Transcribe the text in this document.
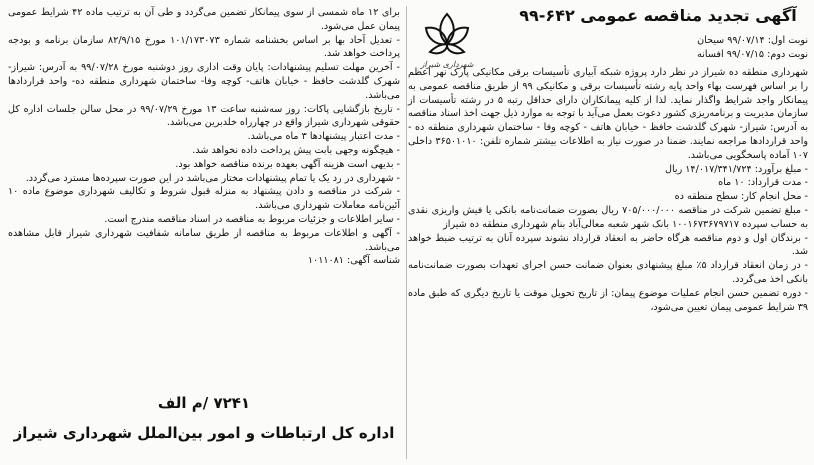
آگهی تجدید مناقصه عمومی ۶۴۲-۹۹

نوبت اول: ۹۹/۰۷/۱۴ سیحان

نوبت دوم: ۹۹/۰۷/۱۵ افسانه

شهرداری شیراز

شهرداری منطقه ده شیراز در نظر دارد پروژه شبکه آبیاری تأسیسات برقی مکانیکی پارک نهر اعظم را بر اساس فهرست بهاء واحد پایه رشته تأسیسات برقی و مکانیکی ۹۹ از طریق مناقصه عمومی به پیمانکار واجد شرایط واگذار نماید. لذا از کلیه پیمانکاران دارای حداقل رتبه ۵ در رشته تأسیسات از سازمان مدیریت و برنامه‌ریزی کشور دعوت بعمل می‌آید با توجه به موارد ذیل جهت اخذ اسناد مناقصه به آدرس: شیراز- شهرک گلدشت حافظ - خیابان هاتف - کوچه وفا - ساختمان شهرداری منطقه ده - واحد قراردادها مراجعه نمایند. ضمنا در صورت نیاز به اطلاعات بیشتر شماره تلفن: ۳۶۵۰۱۰۱۰ داخلی ۱۰۷ آماده پاسخگویی می‌باشد.

- مبلغ برآورد: ۱۴/۰۱۷/۳۴۱/۷۲۴ ریال

- مدت قرارداد: ۱۰ ماه

- محل انجام کار: سطح منطقه ده

- مبلغ تضمین شرکت در مناقصه ۷۰۵/۰۰۰/۰۰۰ ریال بصورت ضمانت‌نامه بانکی یا فیش واریزی نقدی به حساب سپرده ۱۰۰۱۶۷۳۶۷۹۷۱۷ بانک شهر شعبه معالی‌آباد بنام شهرداری منطقه ده شیراز

- برندگان اول و دوم مناقصه هرگاه حاضر به انعقاد قرارداد نشوند سپرده آنان به ترتیب ضبط خواهد شد.

- در زمان انعقاد قرارداد ۵٪ مبلغ پیشنهادی بعنوان ضمانت حسن اجرای تعهدات بصورت ضمانت‌نامه بانکی اخذ می‌گردد.

- دوره تضمین حسن انجام عملیات موضوع پیمان: از تاریخ تحویل موقت یا تاریخ دیگری که طبق ماده ۳۹ شرایط عمومی پیمان تعیین می‌شود،

برای ۱۲ ماه شمسی از سوی پیمانکار تضمین می‌گردد و طی آن به ترتیب ماده ۴۲ شرایط عمومی پیمان عمل می‌شود.

- تعدیل آحاد بها بر اساس بخشنامه شماره ۱۰۱/۱۷۳۰۷۳ مورخ ۸۲/۹/۱۵ سازمان برنامه و بودجه پرداخت خواهد شد.

- آخرین مهلت تسلیم پیشنهادات: پایان وقت اداری روز دوشنبه مورخ ۹۹/۰۷/۲۸ به آدرس: شیراز- شهرک گلدشت حافظ - خیابان هاتف- کوچه وفا- ساختمان شهرداری منطقه ده- واحد قراردادها می‌باشد.

- تاریخ بازگشایی پاکات: روز سه‌شنبه ساعت ۱۳ مورخ ۹۹/۰۷/۲۹ در محل سالن جلسات اداره کل حقوقی شهرداری شیراز واقع در چهارراه خلدبرین می‌باشد.

- مدت اعتبار پیشنهادها ۳ ماه می‌باشد.

- هیچگونه وجهی بابت پیش پرداخت داده نخواهد شد.

- بدیهی است هزینه آگهی بعهده برنده مناقصه خواهد بود.

- شهرداری در رد یک یا تمام پیشنهادات مختار می‌باشد در این صورت سپرده‌ها مسترد می‌گردد.

- شرکت در مناقصه و دادن پیشنهاد به منزله قبول شروط و تکالیف شهرداری موضوع ماده ۱۰ آئین‌نامه معاملات شهرداری می‌باشد.

- سایر اطلاعات و جزئیات مربوط به مناقصه در اسناد مناقصه مندرج است.

- آگهی و اطلاعات مربوط به مناقصه از طریق سامانه شفافیت شهرداری شیراز قابل مشاهده می‌باشد.

شناسه آگهی: ۱۰۱۱۰۸۱

۷۲۴۱ /م الف
اداره کل ارتباطات و امور بین‌الملل شهرداری شیراز
